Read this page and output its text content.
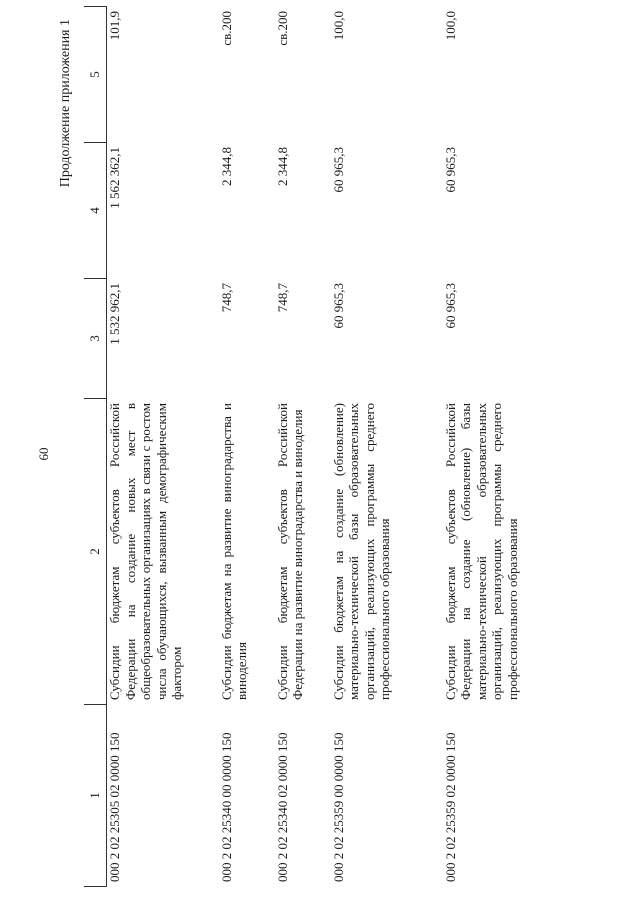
60
Продолжение приложения 1
1	2	3	4	5
000 2 02 25305 02 0000 150	Субсидии бюджетам субъектов Российской Федерации на создание новых мест в общеобразовательных организациях в связи с ростом числа обучающихся, вызванным демографическим фактором	1 532 962,1	1 562 362,1	101,9
000 2 02 25340 00 0000 150	Субсидии бюджетам на развитие виноградарства и виноделия	748,7	2 344,8	св.200
000 2 02 25340 02 0000 150	Субсидии бюджетам субъектов Российской Федерации на развитие виноградарства и виноделия	748,7	2 344,8	св.200
000 2 02 25359 00 0000 150	Субсидии бюджетам на создание (обновление) материально-технической базы образовательных организаций, реализующих программы среднего профессионального образования	60 965,3	60 965,3	100,0
000 2 02 25359 02 0000 150	Субсидии бюджетам субъектов Российской Федерации на создание (обновление) базы материально-технической образовательных организаций, реализующих программы среднего профессионального образования	60 965,3	60 965,3	100,0
